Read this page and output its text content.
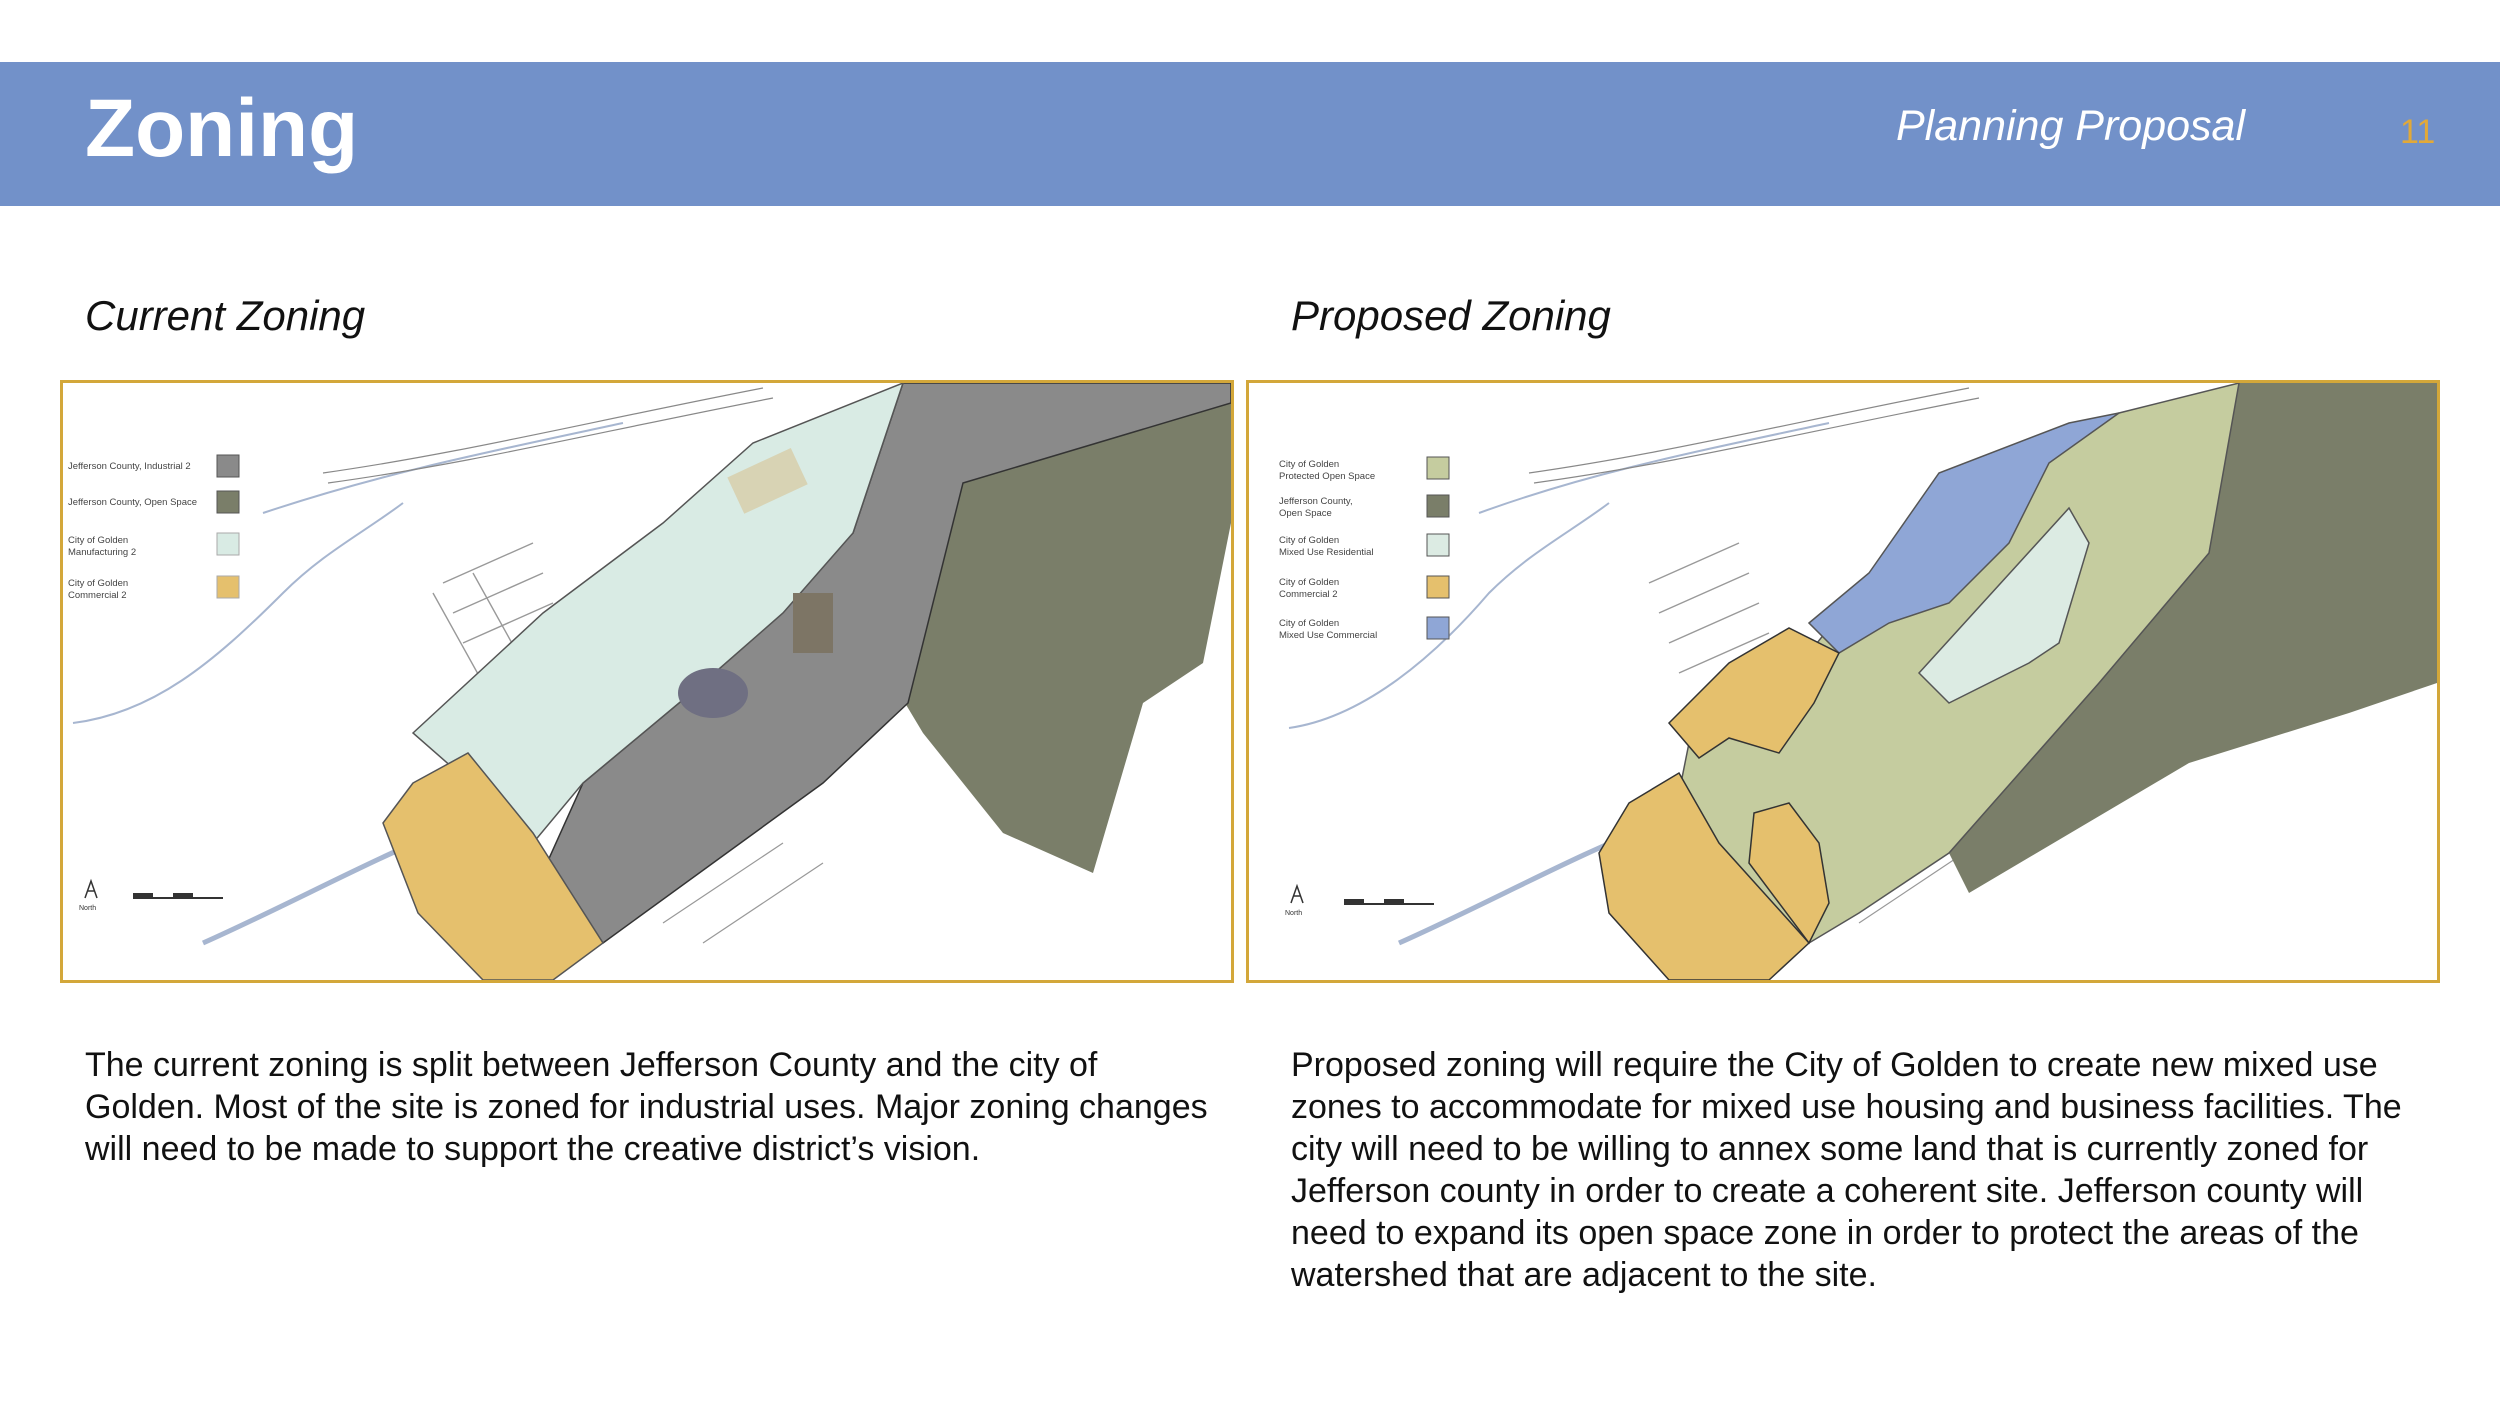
Zoning	Planning Proposal	11
Current Zoning	Proposed Zoning
Jefferson County, Industrial 2
Jefferson County, Open Space
City of Golden
Manufacturing 2
City of Golden
Commercial 2
North
City of Golden
Protected Open Space
Jefferson County,
Open Space
City of Golden
Mixed Use Residential
City of Golden
Commercial 2
City of Golden
Mixed Use Commercial
North
The current zoning is split between Jefferson County and the city of Golden. Most of the site is zoned for industrial uses. Major zoning changes will need to be made to support the creative district’s vision.
Proposed zoning will require the City of Golden to create new mixed use zones to accommodate for mixed use housing and business facilities. The city will need to be willing to annex some land that is currently zoned for Jefferson county in order to create a coherent site. Jefferson county will need to expand its open space zone in order to protect the areas of the watershed that are adjacent to the site.
